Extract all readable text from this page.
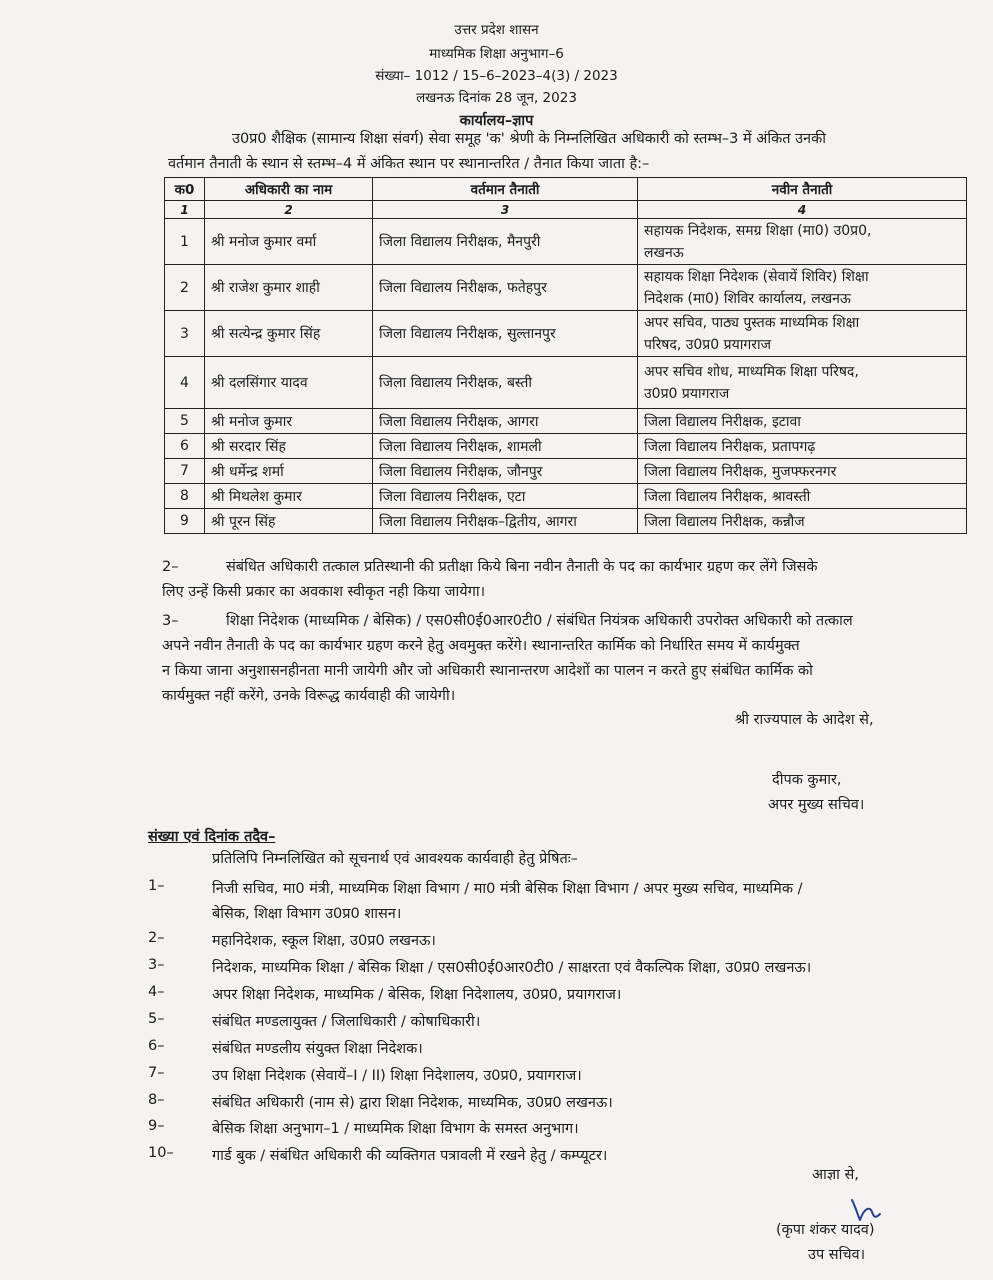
उत्तर प्रदेश शासन
माध्यमिक शिक्षा अनुभाग–6
संख्या– 1012 / 15–6–2023–4(3) / 2023
लखनऊ दिनांक 28 जून, 2023
कार्यालय–ज्ञाप
उ0प्र0 शैक्षिक (सामान्य शिक्षा संवर्ग) सेवा समूह 'क' श्रेणी के निम्नलिखित अधिकारी को स्तम्भ–3 में अंकित उनकी
वर्तमान तैनाती के स्थान से स्तम्भ–4 में अंकित स्थान पर स्थानान्तरित / तैनात किया जाता है:–
क0	अधिकारी का नाम	वर्तमान तैनाती	नवीन तैनाती
1	2	3	4
1	श्री मनोज कुमार वर्मा	जिला विद्यालय निरीक्षक, मैनपुरी	सहायक निदेशक, समग्र शिक्षा (मा0) उ0प्र0,
लखनऊ

2	श्री राजेश कुमार शाही	जिला विद्यालय निरीक्षक, फतेहपुर	सहायक शिक्षा निदेशक (सेवायें शिविर) शिक्षा
निदेशक (मा0) शिविर कार्यालय, लखनऊ

3	श्री सत्येन्द्र कुमार सिंह	जिला विद्यालय निरीक्षक, सुल्तानपुर	अपर सचिव, पाठ्य पुस्तक माध्यमिक शिक्षा
परिषद, उ0प्र0 प्रयागराज

4	श्री दलसिंगार यादव	जिला विद्यालय निरीक्षक, बस्ती	अपर सचिव शोध, माध्यमिक शिक्षा परिषद,
उ0प्र0 प्रयागराज

5	श्री मनोज कुमार	जिला विद्यालय निरीक्षक, आगरा	जिला विद्यालय निरीक्षक, इटावा
6	श्री सरदार सिंह	जिला विद्यालय निरीक्षक, शामली	जिला विद्यालय निरीक्षक, प्रतापगढ़
7	श्री धर्मेन्द्र शर्मा	जिला विद्यालय निरीक्षक, जौनपुर	जिला विद्यालय निरीक्षक, मुजफ्फरनगर
8	श्री मिथलेश कुमार	जिला विद्यालय निरीक्षक, एटा	जिला विद्यालय निरीक्षक, श्रावस्ती
9	श्री पूरन सिंह	जिला विद्यालय निरीक्षक–द्वितीय, आगरा	जिला विद्यालय निरीक्षक, कन्नौज
2–	संबंधित अधिकारी तत्काल प्रतिस्थानी की प्रतीक्षा किये बिना नवीन तैनाती के पद का कार्यभार ग्रहण कर लेंगे जिसके
लिए उन्हें किसी प्रकार का अवकाश स्वीकृत नही किया जायेगा।
3–	शिक्षा निदेशक (माध्यमिक / बेसिक) / एस0सी0ई0आर0टी0 / संबंधित नियंत्रक अधिकारी उपरोक्त अधिकारी को तत्काल
अपने नवीन तैनाती के पद का कार्यभार ग्रहण करने हेतु अवमुक्त करेंगे। स्थानान्तरित कार्मिक को निर्धारित समय में कार्यमुक्त
न किया जाना अनुशासनहीनता मानी जायेगी और जो अधिकारी स्थानान्तरण आदेशों का पालन न करते हुए संबंधित कार्मिक को
कार्यमुक्त नहीं करेंगे, उनके विरूद्ध कार्यवाही की जायेगी।
श्री राज्यपाल के आदेश से,
दीपक कुमार,
अपर मुख्य सचिव।
संख्या एवं दिनांक तदैव–
प्रतिलिपि निम्नलिखित को सूचनार्थ एवं आवश्यक कार्यवाही हेतु प्रेषितः–
1–	निजी सचिव, मा0 मंत्री, माध्यमिक शिक्षा विभाग / मा0 मंत्री बेसिक शिक्षा विभाग / अपर मुख्य सचिव, माध्यमिक /
बेसिक, शिक्षा विभाग उ0प्र0 शासन।
2–	महानिदेशक, स्कूल शिक्षा, उ0प्र0 लखनऊ।
3–	निदेशक, माध्यमिक शिक्षा / बेसिक शिक्षा / एस0सी0ई0आर0टी0 / साक्षरता एवं वैकल्पिक शिक्षा, उ0प्र0 लखनऊ।
4–	अपर शिक्षा निदेशक, माध्यमिक / बेसिक, शिक्षा निदेशालय, उ0प्र0, प्रयागराज।
5–	संबंधित मण्डलायुक्त / जिलाधिकारी / कोषाधिकारी।
6–	संबंधित मण्डलीय संयुक्त शिक्षा निदेशक।
7–	उप शिक्षा निदेशक (सेवायें–I / II) शिक्षा निदेशालय, उ0प्र0, प्रयागराज।
8–	संबंधित अधिकारी (नाम से) द्वारा शिक्षा निदेशक, माध्यमिक, उ0प्र0 लखनऊ।
9–	बेसिक शिक्षा अनुभाग–1 / माध्यमिक शिक्षा विभाग के समस्त अनुभाग।
10–	गार्ड बुक / संबंधित अधिकारी की व्यक्तिगत पत्रावली में रखने हेतु / कम्प्यूटर।
आज्ञा से,
(कृपा शंकर यादव)
उप सचिव।
